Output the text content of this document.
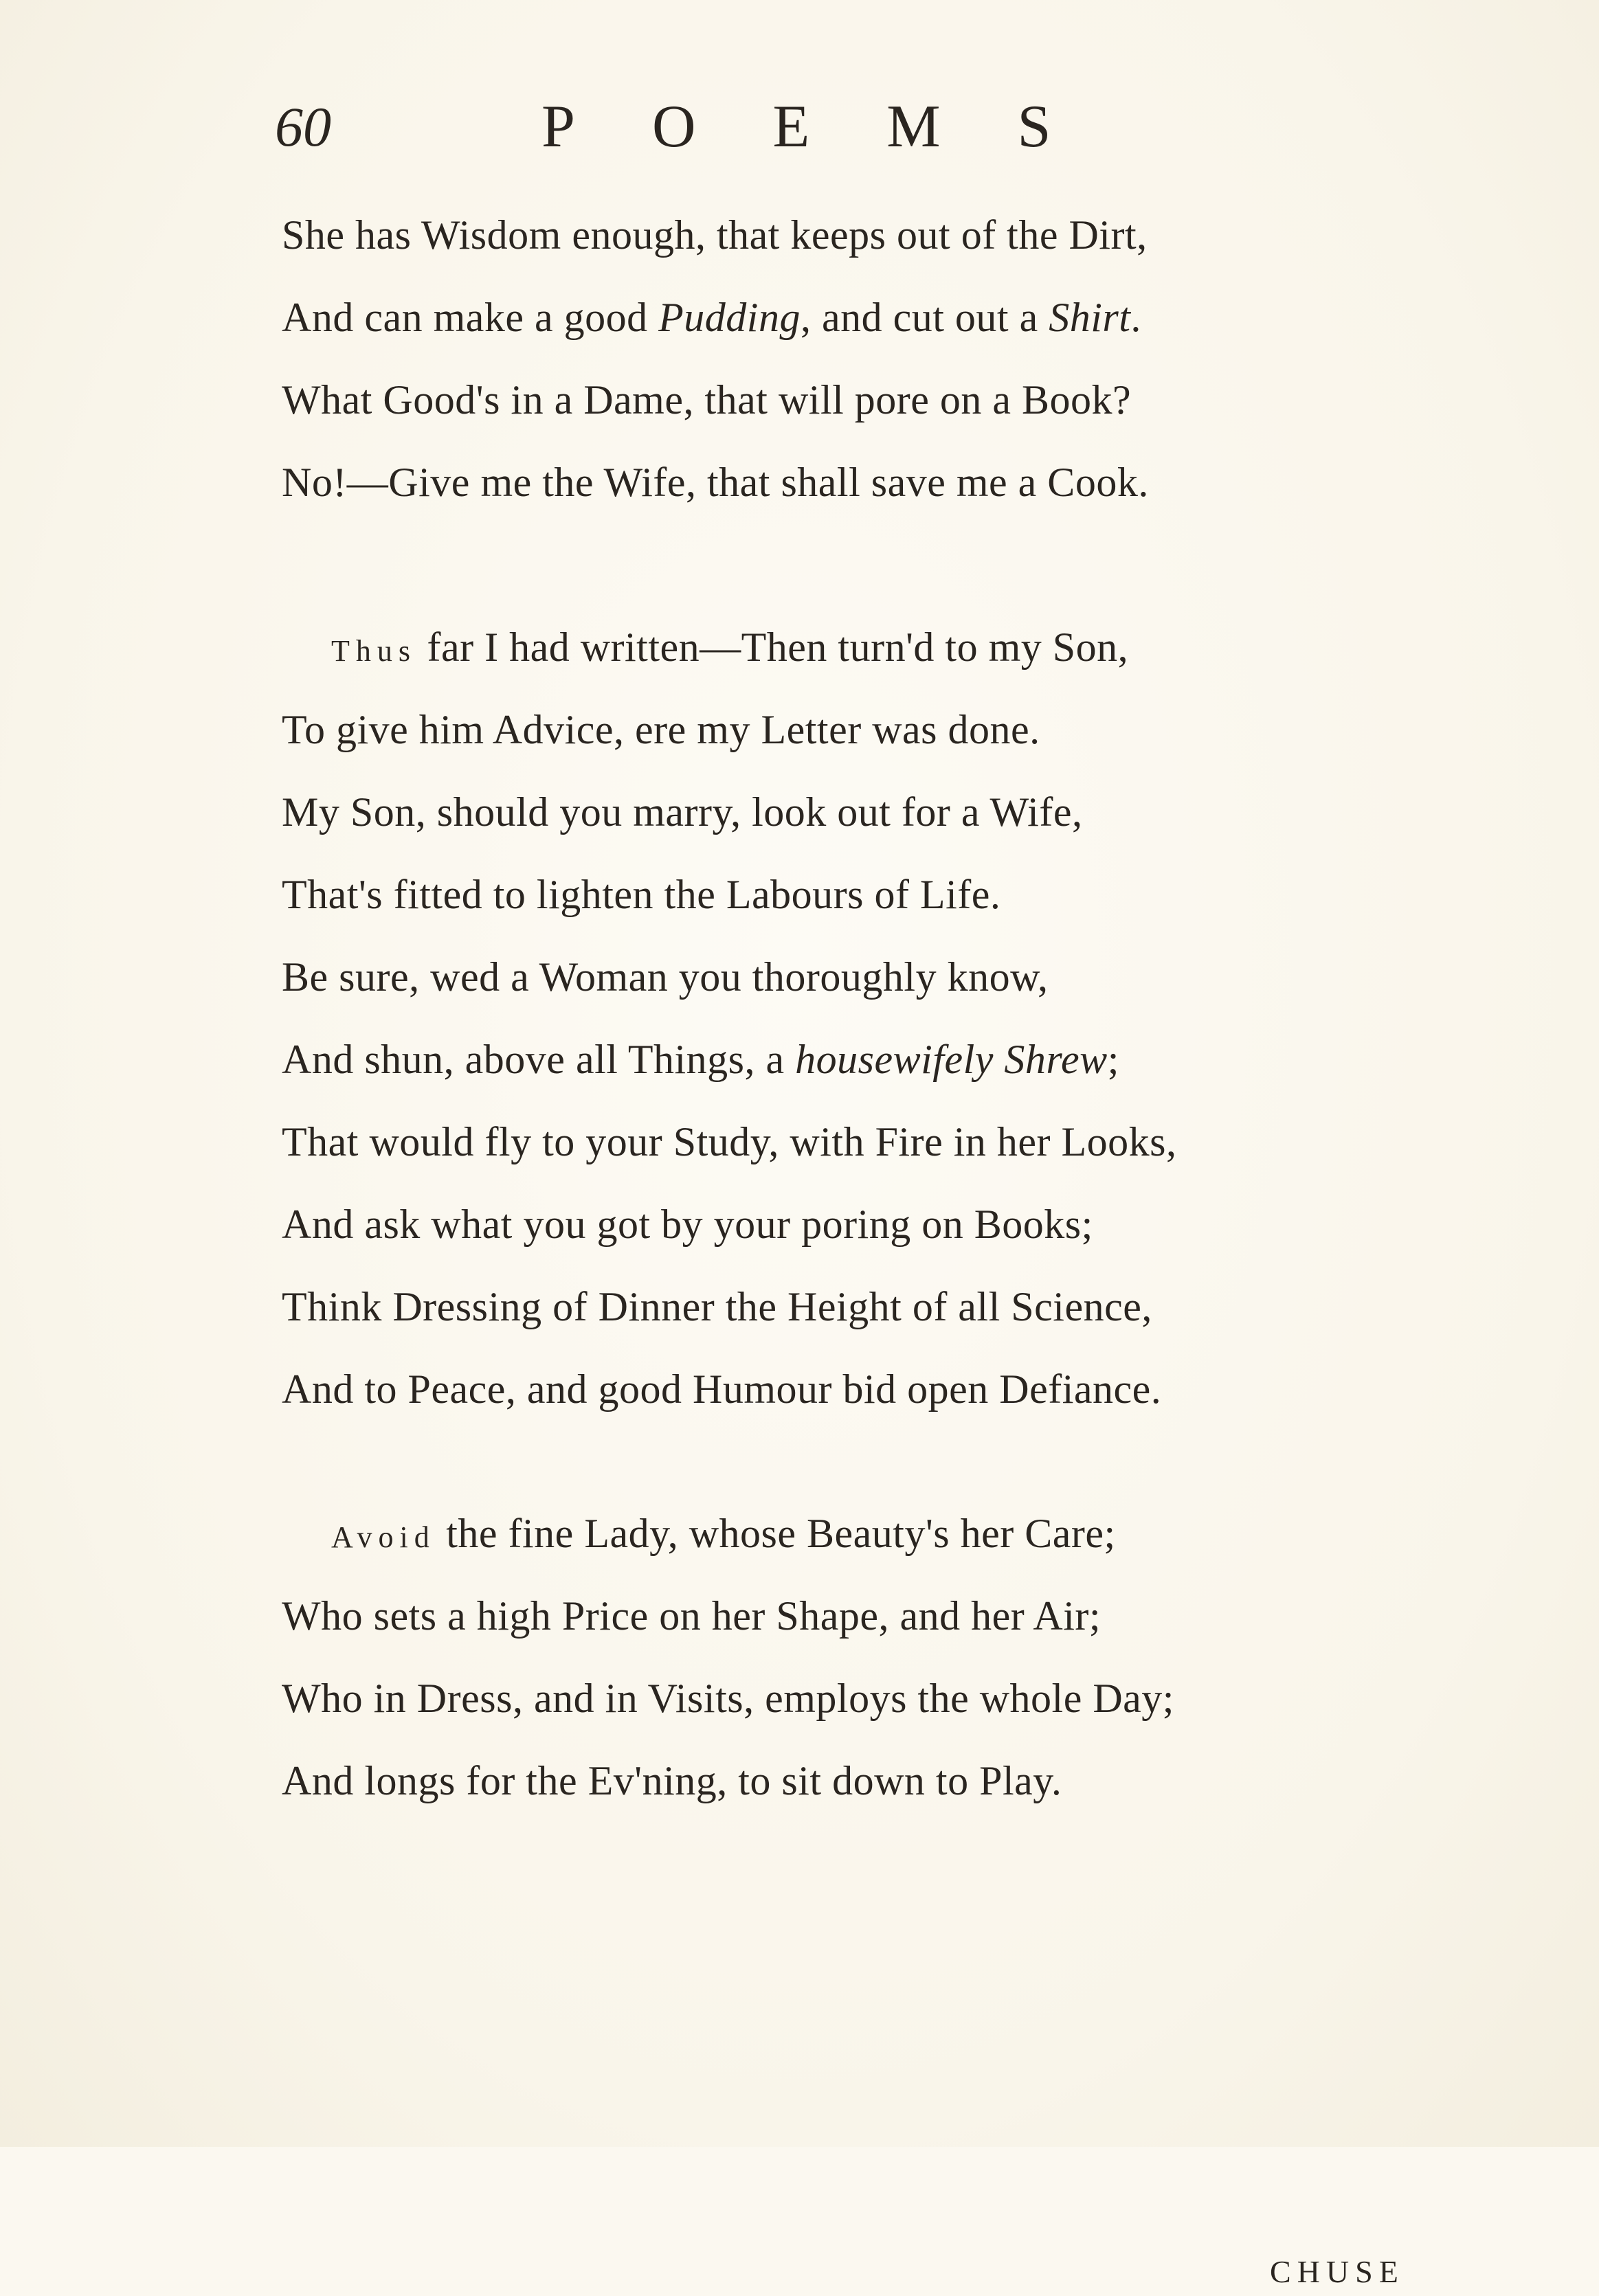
60	POEMS
She has Wisdom enough, that keeps out of the Dirt,
And can make a good Pudding, and cut out a Shirt.
What Good's in a Dame, that will pore on a Book?
No!—Give me the Wife, that shall save me a Cook.
Thus far I had written—Then turn'd to my Son,
To give him Advice, ere my Letter was done.
My Son, should you marry, look out for a Wife,
That's fitted to lighten the Labours of Life.
Be sure, wed a Woman you thoroughly know,
And shun, above all Things, a housewifely Shrew;
That would fly to your Study, with Fire in her Looks,
And ask what you got by your poring on Books;
Think Dressing of Dinner the Height of all Science,
And to Peace, and good Humour bid open Defiance.
Avoid the fine Lady, whose Beauty's her Care;
Who sets a high Price on her Shape, and her Air;
Who in Dress, and in Visits, employs the whole Day;
And longs for the Ev'ning, to sit down to Play.
CHUSE
